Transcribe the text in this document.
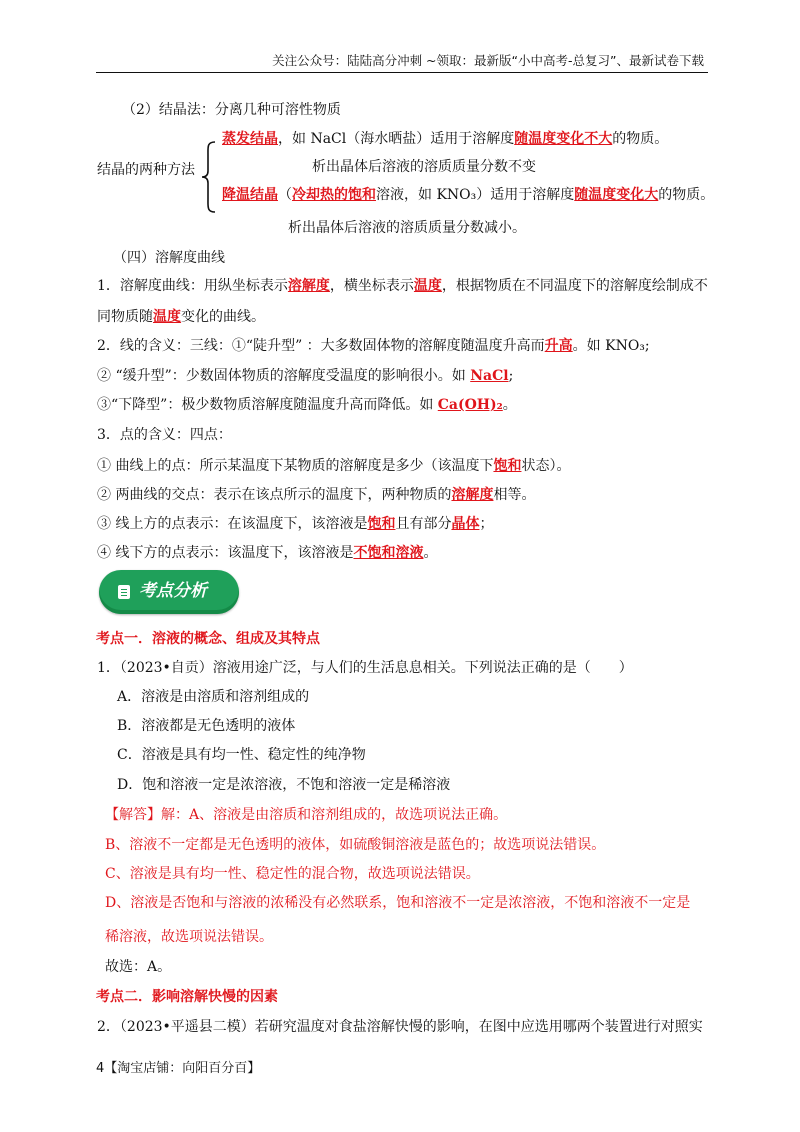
关注公众号：陆陆高分冲刺 ~领取：最新版“小中高考-总复习”、最新试卷下载
（2）结晶法：分离几种可溶性物质
结晶的两种方法
蒸发结晶，如 NaCl（海水晒盐）适用于溶解度随温度变化不大的物质。
析出晶体后溶液的溶质质量分数不变
降温结晶（冷却热的饱和溶液，如 KNO₃）适用于溶解度随温度变化大的物质。
析出晶体后溶液的溶质质量分数减小。
（四）溶解度曲线
1．溶解度曲线：用纵坐标表示溶解度，横坐标表示温度，根据物质在不同温度下的溶解度绘制成不
同物质随温度变化的曲线。
2．线的含义：三线：①“陡升型” ：大多数固体物的溶解度随温度升高而升高。如 KNO₃;
② “缓升型”：少数固体物质的溶解度受温度的影响很小。如 NaCl;
③“下降型”：极少数物质溶解度随温度升高而降低。如 Ca(OH)₂。
3．点的含义：四点：
① 曲线上的点：所示某温度下某物质的溶解度是多少（该温度下饱和状态）。
② 两曲线的交点：表示在该点所示的温度下，两种物质的溶解度相等。
③ 线上方的点表示：在该温度下，该溶液是饱和且有部分晶体；
④ 线下方的点表示：该温度下，该溶液是不饱和溶液。
考点分析
考点一．溶液的概念、组成及其特点
1．（2023•自贡）溶液用途广泛，与人们的生活息息相关。下列说法正确的是（　　）
A．溶液是由溶质和溶剂组成的
B．溶液都是无色透明的液体
C．溶液是具有均一性、稳定性的纯净物
D．饱和溶液一定是浓溶液，不饱和溶液一定是稀溶液
【解答】解：A、溶液是由溶质和溶剂组成的，故选项说法正确。
B、溶液不一定都是无色透明的液体，如硫酸铜溶液是蓝色的；故选项说法错误。
C、溶液是具有均一性、稳定性的混合物，故选项说法错误。
D、溶液是否饱和与溶液的浓稀没有必然联系，饱和溶液不一定是浓溶液，不饱和溶液不一定是
稀溶液，故选项说法错误。
故选：A。
考点二．影响溶解快慢的因素
2．（2023•平遥县二模）若研究温度对食盐溶解快慢的影响，在图中应选用哪两个装置进行对照实
4【淘宝店铺：向阳百分百】
